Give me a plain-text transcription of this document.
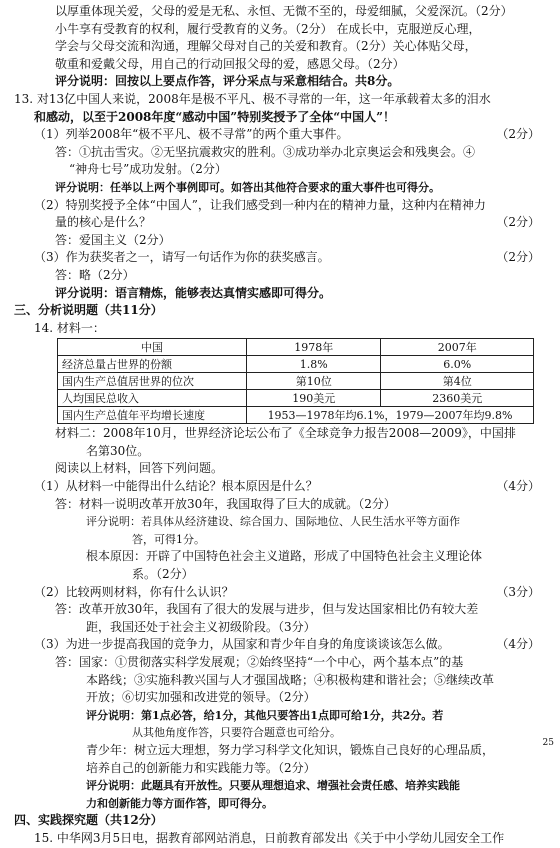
以厚重体现关爱，父母的爱是无私、永恒、无微不至的，母爱细腻，父爱深沉。（2分）
小牛享有受教育的权利，履行受教育的义务。（2分） 在成长中，克服逆反心理，
学会与父母交流和沟通，理解父母对自己的关爱和教育。（2分）关心体贴父母，
敬重和爱戴父母，用自己的行动回报父母的爱，感恩父母。（2分）
评分说明：回按以上要点作答，评分采点与采意相结合。共8分。
13. 对13亿中国人来说，2008年是极不平凡、极不寻常的一年，这一年承载着太多的泪水
和感动，以至于2008年度“感动中国”特别奖授予了全体“中国人”！
（1）列举2008年“极不平凡、极不寻常”的两个重大事件。	（2分）
答：①抗击雪灾。②无坚抗震救灾的胜利。③成功举办北京奥运会和残奥会。④
“神舟七号”成功发射。（2分）
评分说明：任举以上两个事例即可。如答出其他符合要求的重大事件也可得分。
（2）特别奖授予全体“中国人”，让我们感受到一种内在的精神力量，这种内在精神力
量的核心是什么？	（2分）
答：爱国主义（2分）
（3）作为获奖者之一，请写一句话作为你的获奖感言。	（2分）
答：略（2分）
评分说明：语言精炼，能够表达真情实感即可得分。
三、分析说明题（共11分）
14. 材料一：
中国	1978年	2007年
经济总量占世界的份额	1.8%	6.0%
国内生产总值居世界的位次	第10位	第4位
人均国民总收入	190美元	2360美元
国内生产总值年平均增长速度	1953—1978年均6.1%，1979—2007年均9.8%	
材料二：2008年10月，世界经济论坛公布了《全球竞争力报告2008—2009》，中国排
名第30位。
阅读以上材料，回答下列问题。
（1）从材料一中能得出什么结论？根本原因是什么？	（4分）
答：材料一说明改革开放30年，我国取得了巨大的成就。（2分）
评分说明：若具体从经济建设、综合国力、国际地位、人民生活水平等方面作
答，可得1分。
根本原因：开辟了中国特色社会主义道路，形成了中国特色社会主义理论体
系。（2分）
（2）比较两则材料，你有什么认识？	（3分）
答：改革开放30年，我国有了很大的发展与进步，但与发达国家相比仍有较大差
距，我国还处于社会主义初级阶段。（3分）
（3）为进一步提高我国的竞争力，从国家和青少年自身的角度谈谈该怎么做。	（4分）
答：国家：①贯彻落实科学发展观；②始终坚持“一个中心，两个基本点”的基
本路线；③实施科教兴国与人才强国战略；④积极构建和谐社会；⑤继续改革
开放；⑥切实加强和改进党的领导。（2分）
评分说明：第1点必答，给1分，其他只要答出1点即可给1分，共2分。若
从其他角度作答，只要符合题意也可给分。
青少年：树立远大理想，努力学习科学文化知识，锻炼自己良好的心理品质，
培养自己的创新能力和实践能力等。（2分）
评分说明：此题具有开放性。只要从理想追求、增强社会责任感、培养实践能
力和创新能力等方面作答，即可得分。
四、实践探究题（共12分）
15. 中华网3月5日电，据教育部网站消息，日前教育部发出《关于中小学幼儿园安全工作
25
